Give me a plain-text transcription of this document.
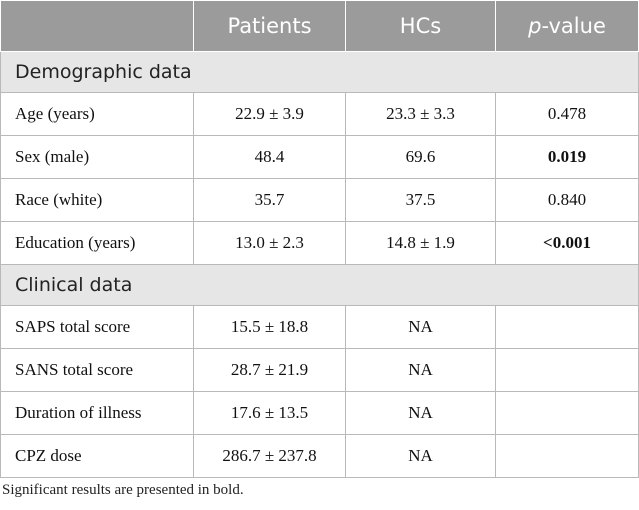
	Patients	HCs	p-value
Demographic data			
Age (years)	22.9 ± 3.9	23.3 ± 3.3	0.478
Sex (male)	48.4	69.6	0.019
Race (white)	35.7	37.5	0.840
Education (years)	13.0 ± 2.3	14.8 ± 1.9	<0.001
Clinical data			
SAPS total score	15.5 ± 18.8	NA	
SANS total score	28.7 ± 21.9	NA	
Duration of illness	17.6 ± 13.5	NA	
CPZ dose	286.7 ± 237.8	NA	
Significant results are presented in bold.
